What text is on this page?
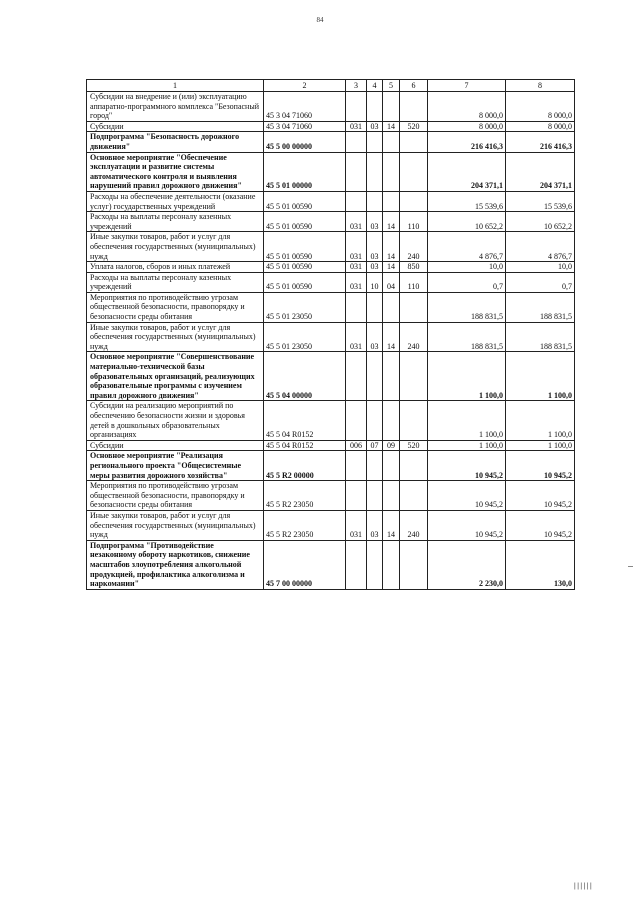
84
1	2	3	4	5	6	7	8
Субсидии на внедрение и (или) эксплуатацию аппаратно-программного комплекса "Безопасный город"	45 3 04 71060					8 000,0	8 000,0
Субсидии	45 3 04 71060	031	03	14	520	8 000,0	8 000,0
Подпрограмма "Безопасность дорожного движения"	45 5 00 00000					216 416,3	216 416,3
Основное мероприятие "Обеспечение эксплуатации и развитие системы автоматического контроля и выявления нарушений правил дорожного движения"	45 5 01 00000					204 371,1	204 371,1
Расходы на обеспечение деятельности (оказание услуг) государственных учреждений	45 5 01 00590					15 539,6	15 539,6
Расходы на выплаты персоналу казенных учреждений	45 5 01 00590	031	03	14	110	10 652,2	10 652,2
Иные закупки товаров, работ и услуг для обеспечения государственных (муниципальных) нужд	45 5 01 00590	031	03	14	240	4 876,7	4 876,7
Уплата налогов, сборов и иных платежей	45 5 01 00590	031	03	14	850	10,0	10,0
Расходы на выплаты персоналу казенных учреждений	45 5 01 00590	031	10	04	110	0,7	0,7
Мероприятия по противодействию угрозам общественной безопасности, правопорядку и безопасности среды обитания	45 5 01 23050					188 831,5	188 831,5
Иные закупки товаров, работ и услуг для обеспечения государственных (муниципальных) нужд	45 5 01 23050	031	03	14	240	188 831,5	188 831,5
Основное мероприятие "Совершенствование материально-технической базы образовательных организаций, реализующих образовательные программы с изучением правил дорожного движения"	45 5 04 00000					1 100,0	1 100,0
Субсидии на реализацию мероприятий по обеспечению безопасности жизни и здоровья детей в дошкольных образовательных организациях	45 5 04 R0152					1 100,0	1 100,0
Субсидии	45 5 04 R0152	006	07	09	520	1 100,0	1 100,0
Основное мероприятие "Реализация регионального проекта "Общесистемные меры развития дорожного хозяйства"	45 5 R2 00000					10 945,2	10 945,2
Мероприятия по противодействию угрозам общественной безопасности, правопорядку и безопасности среды обитания	45 5 R2 23050					10 945,2	10 945,2
Иные закупки товаров, работ и услуг для обеспечения государственных (муниципальных) нужд	45 5 R2 23050	031	03	14	240	10 945,2	10 945,2
Подпрограмма "Противодействие незаконному обороту наркотиков, снижение масштабов злоупотребления алкогольной продукцией, профилактика алкоголизма и наркомании"	45 7 00 00000					2 230,0	130,0
||||||
